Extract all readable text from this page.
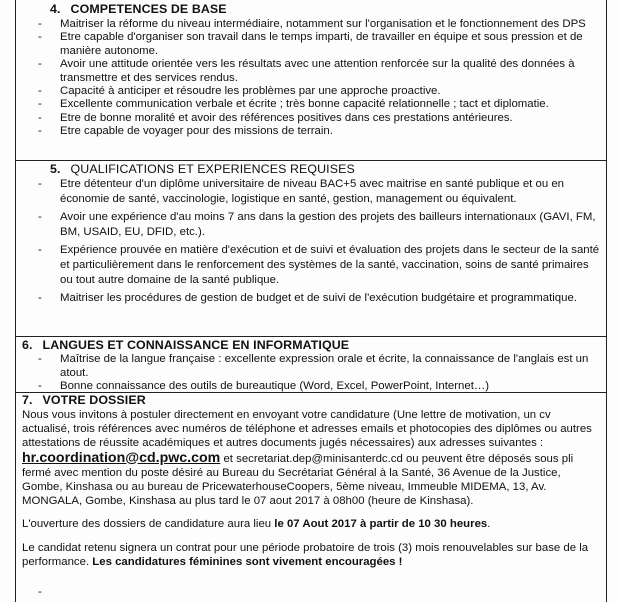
4. COMPETENCES DE BASE
- Maitriser la réforme du niveau intermédiaire, notamment sur l'organisation et le fonctionnement des DPS
- Etre capable d'organiser son travail dans le temps imparti, de travailler en équipe et sous pression et de manière autonome.
- Avoir une attitude orientée vers les résultats avec une attention renforcée sur la qualité des données à transmettre et des services rendus.
- Capacité à anticiper et résoudre les problèmes par une approche proactive.
- Excellente communication verbale et écrite ; très bonne capacité relationnelle ; tact et diplomatie.
- Etre de bonne moralité et avoir des références positives dans ces prestations antérieures.
- Etre capable de voyager pour des missions de terrain.
5. QUALIFICATIONS ET EXPERIENCES REQUISES
- Etre détenteur d'un diplôme universitaire de niveau BAC+5 avec maitrise en santé publique et ou en économie de santé, vaccinologie, logistique en santé, gestion, management ou équivalent.
- Avoir une expérience d'au moins 7 ans dans la gestion des projets des bailleurs internationaux (GAVI, FM, BM, USAID, EU, DFID, etc.).
- Expérience prouvée en matière d'exécution et de suivi et évaluation des projets dans le secteur de la santé et particulièrement dans le renforcement des systèmes de la santé, vaccination, soins de santé primaires ou tout autre domaine de la santé publique.
- Maitriser les procédures de gestion de budget et de suivi de l'exécution budgétaire et programmatique.
6. LANGUES ET CONNAISSANCE EN INFORMATIQUE
- Maîtrise de la langue française : excellente expression orale et écrite, la connaissance de l'anglais est un atout.
- Bonne connaissance des outils de bureautique (Word, Excel, PowerPoint, Internet…)
7. VOTRE DOSSIER

Nous vous invitons à postuler directement en envoyant votre candidature (Une lettre de motivation, un cv actualisé, trois références avec numéros de téléphone et adresses emails et photocopies des diplômes ou autres attestations de réussite académiques et autres documents jugés nécessaires) aux adresses suivantes : hr.coordination@cd.pwc.com et secretariat.dep@minisanterdc.cd ou peuvent être déposés sous pli fermé avec mention du poste désiré au Bureau du Secrétariat Général à la Santé, 36 Avenue de la Justice, Gombe, Kinshasa ou au bureau de PricewaterhouseCoopers, 5ème niveau, Immeuble MIDEMA, 13, Av. MONGALA, Gombe, Kinshasa au plus tard le 07 aout 2017 à 08h00 (heure de Kinshasa).

L'ouverture des dossiers de candidature aura lieu le 07 Aout 2017 à partir de 10 30 heures.

Le candidat retenu signera un contrat pour une période probatoire de trois (3) mois renouvelables sur base de la performance. Les candidatures féminines sont vivement encouragées !

-
